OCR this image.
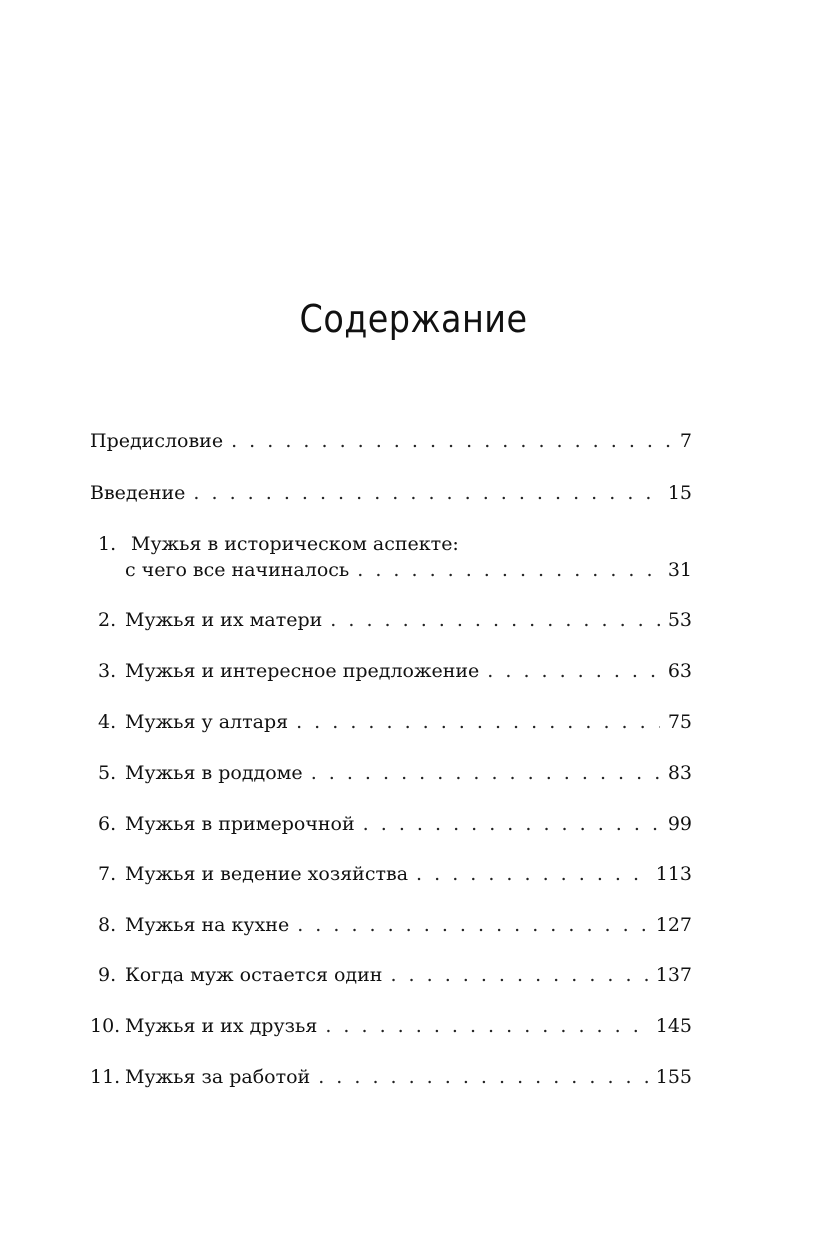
Содержание
Предисловие . . .	7
Введение . . .	15
1. Мужья в историческом аспекте:
с чего все начиналось . . .	31
2. Мужья и их матери . . .	53
3. Мужья и интересное предложение . . .	63
4. Мужья у алтаря . . .	75
5. Мужья в роддоме . . .	83
6. Мужья в примерочной . . .	99
7. Мужья и ведение хозяйства . . .	113
8. Мужья на кухне . . .	127
9. Когда муж остается один . . .	137
10. Мужья и их друзья . . .	145
11. Мужья за работой . . .	155
